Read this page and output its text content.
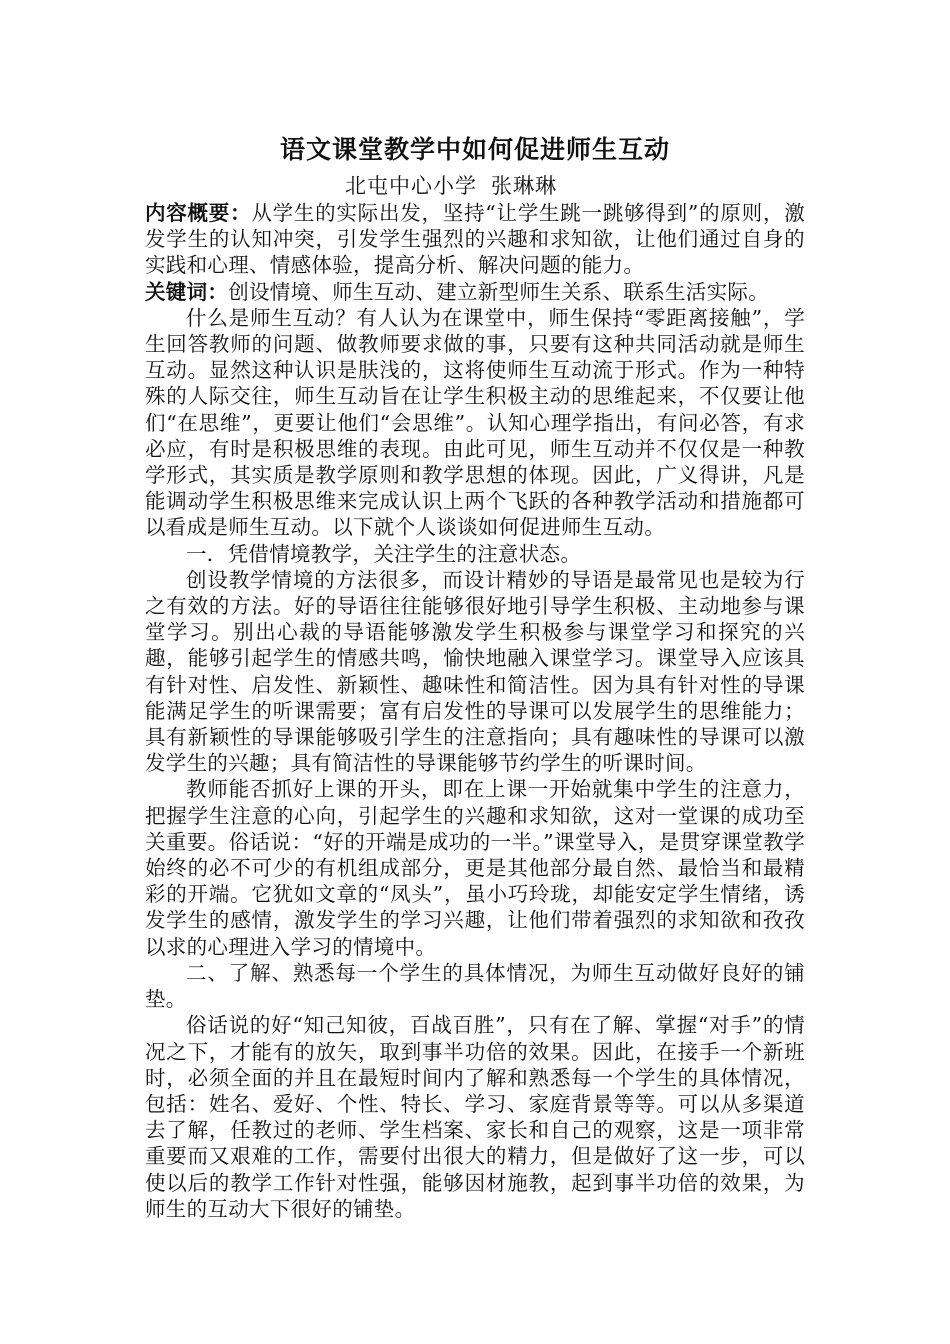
语文课堂教学中如何促进师生互动

北屯中心小学 张琳琳

内容概要：从学生的实际出发，坚持“让学生跳一跳够得到”的原则，激发学生的认知冲突，引发学生强烈的兴趣和求知欲，让他们通过自身的实践和心理、情感体验，提高分析、解决问题的能力。

关键词：创设情境、师生互动、建立新型师生关系、联系生活实际。

什么是师生互动？有人认为在课堂中，师生保持“零距离接触”，学生回答教师的问题、做教师要求做的事，只要有这种共同活动就是师生互动。显然这种认识是肤浅的，这将使师生互动流于形式。作为一种特殊的人际交往，师生互动旨在让学生积极主动的思维起来，不仅要让他们“在思维”，更要让他们“会思维”。认知心理学指出，有问必答，有求必应，有时是积极思维的表现。由此可见，师生互动并不仅仅是一种教学形式，其实质是教学原则和教学思想的体现。因此，广义得讲，凡是能调动学生积极思维来完成认识上两个飞跃的各种教学活动和措施都可以看成是师生互动。以下就个人谈谈如何促进师生互动。

一．凭借情境教学，关注学生的注意状态。

创设教学情境的方法很多，而设计精妙的导语是最常见也是较为行之有效的方法。好的导语往往能够很好地引导学生积极、主动地参与课堂学习。别出心裁的导语能够激发学生积极参与课堂学习和探究的兴趣，能够引起学生的情感共鸣，愉快地融入课堂学习。课堂导入应该具有针对性、启发性、新颖性、趣味性和简洁性。因为具有针对性的导课能满足学生的听课需要；富有启发性的导课可以发展学生的思维能力；具有新颖性的导课能够吸引学生的注意指向；具有趣味性的导课可以激发学生的兴趣；具有简洁性的导课能够节约学生的听课时间。

教师能否抓好上课的开头，即在上课一开始就集中学生的注意力，把握学生注意的心向，引起学生的兴趣和求知欲，这对一堂课的成功至关重要。俗话说：“好的开端是成功的一半。”课堂导入，是贯穿课堂教学始终的必不可少的有机组成部分，更是其他部分最自然、最恰当和最精彩的开端。它犹如文章的“凤头”，虽小巧玲珑，却能安定学生情绪，诱发学生的感情，激发学生的学习兴趣，让他们带着强烈的求知欲和孜孜以求的心理进入学习的情境中。

二、了解、熟悉每一个学生的具体情况，为师生互动做好良好的铺垫。

俗话说的好“知己知彼，百战百胜”，只有在了解、掌握“对手”的情况之下，才能有的放矢，取到事半功倍的效果。因此，在接手一个新班时，必须全面的并且在最短时间内了解和熟悉每一个学生的具体情况，包括：姓名、爱好、个性、特长、学习、家庭背景等等。可以从多渠道去了解，任教过的老师、学生档案、家长和自己的观察，这是一项非常重要而又艰难的工作，需要付出很大的精力，但是做好了这一步，可以使以后的教学工作针对性强，能够因材施教，起到事半功倍的效果，为师生的互动大下很好的铺垫。
